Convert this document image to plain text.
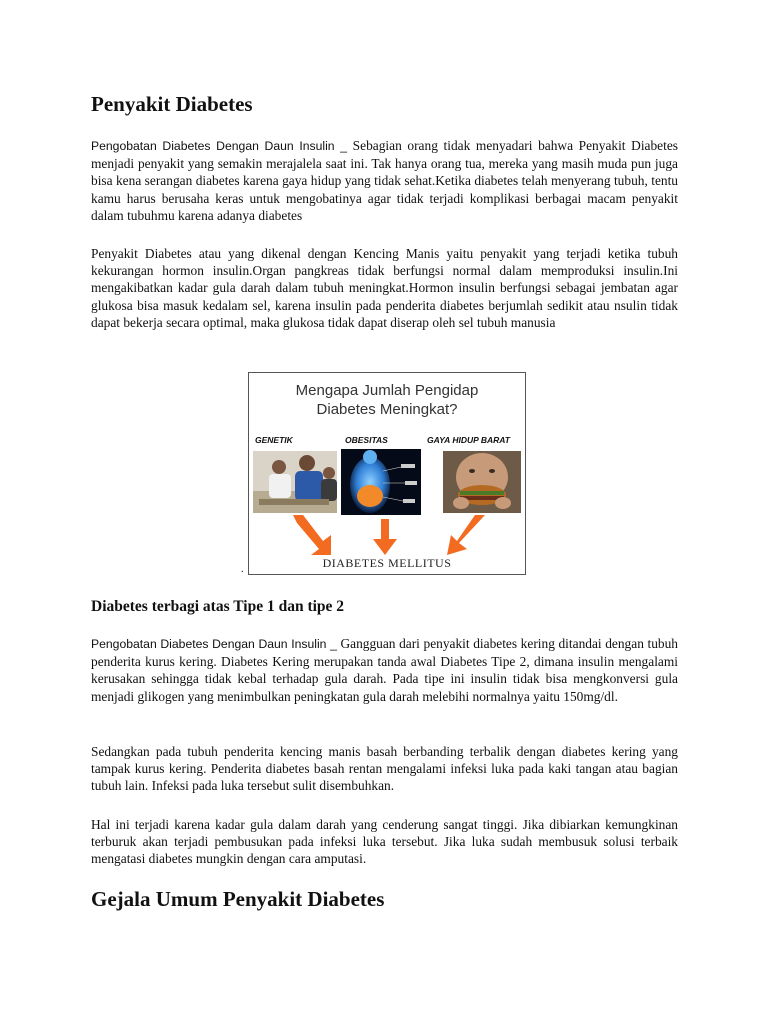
Penyakit Diabetes

Pengobatan Diabetes Dengan Daun Insulin _ Sebagian orang tidak menyadari bahwa Penyakit Diabetes menjadi penyakit yang semakin merajalela saat ini. Tak hanya orang tua, mereka yang masih muda pun juga bisa kena serangan diabetes karena gaya hidup yang tidak sehat.Ketika diabetes telah menyerang tubuh, tentu kamu harus berusaha keras untuk mengobatinya agar tidak terjadi komplikasi berbagai macam penyakit dalam tubuhmu karena adanya diabetes

Penyakit Diabetes atau yang dikenal dengan Kencing Manis yaitu penyakit yang terjadi ketika tubuh kekurangan hormon insulin.Organ pangkreas tidak berfungsi normal dalam memproduksi insulin.Ini mengakibatkan kadar gula darah dalam tubuh meningkat.Hormon insulin berfungsi sebagai jembatan agar glukosa bisa masuk kedalam sel, karena insulin pada penderita diabetes berjumlah sedikit atau nsulin tidak dapat bekerja secara optimal, maka glukosa tidak dapat diserap oleh sel tubuh manusia

Diabetes terbagi atas Tipe 1 dan tipe 2

Pengobatan Diabetes Dengan Daun Insulin _ Gangguan dari penyakit diabetes kering ditandai dengan tubuh penderita kurus kering. Diabetes Kering merupakan tanda awal Diabetes Tipe 2, dimana insulin mengalami kerusakan sehingga tidak kebal terhadap gula darah. Pada tipe ini insulin tidak bisa mengkonversi gula menjadi glikogen yang menimbulkan peningkatan gula darah melebihi normalnya yaitu 150mg/dl.

Sedangkan pada tubuh penderita kencing manis basah berbanding terbalik dengan diabetes kering yang tampak kurus kering. Penderita diabetes basah rentan mengalami infeksi luka pada kaki tangan atau bagian tubuh lain. Infeksi pada luka tersebut sulit disembuhkan.

Hal ini terjadi karena kadar gula dalam darah yang cenderung sangat tinggi. Jika dibiarkan kemungkinan terburuk akan terjadi pembusukan pada infeksi luka tersebut. Jika luka sudah membusuk solusi terbaik mengatasi diabetes mungkin dengan cara amputasi.

Gejala Umum Penyakit Diabetes
.
Mengapa Jumlah Pengidap
Diabetes Meningkat?
GENETIK	OBESITAS	GAYA HIDUP BARAT
DIABETES MELLITUS
